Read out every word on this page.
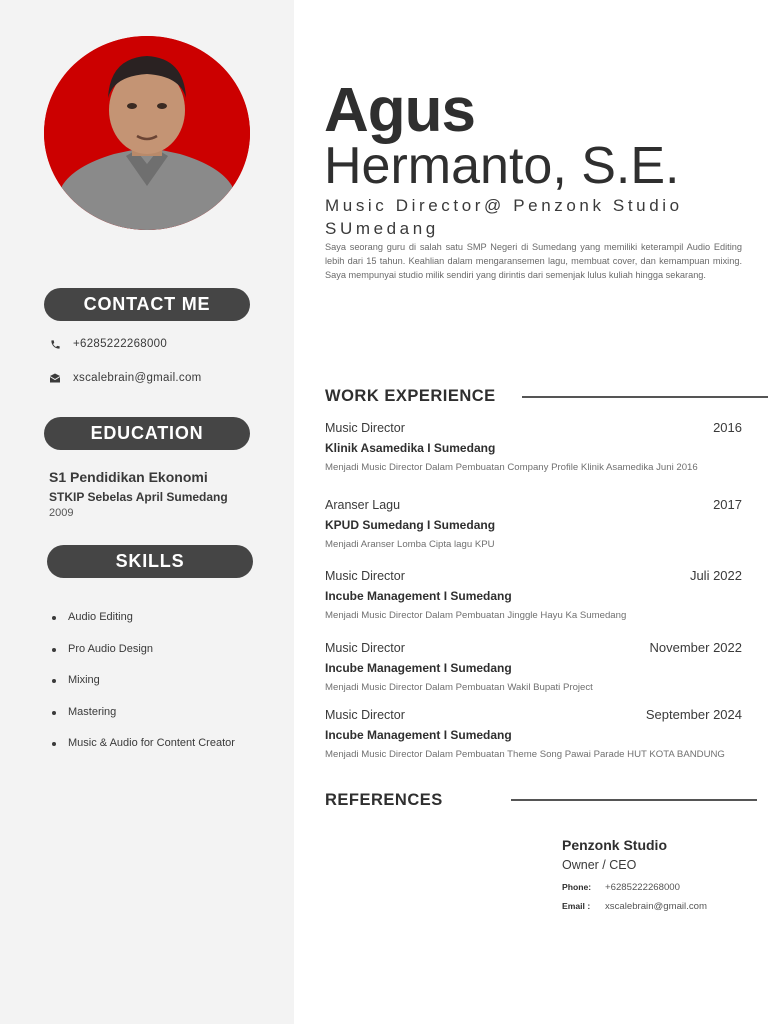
CONTACT ME
+6285222268000
xscalebrain@gmail.com
EDUCATION
S1 Pendidikan Ekonomi
STKIP Sebelas April Sumedang
2009
SKILLS
Audio Editing
Pro Audio Design
Mixing
Mastering
Music & Audio for Content Creator
Agus
Hermanto, S.E.
Music Director@ Penzonk Studio SUmedang
Saya seorang guru di salah satu SMP Negeri di Sumedang yang memiliki keterampil Audio Editing lebih dari 15 tahun. Keahlian dalam mengaransemen lagu, membuat cover, dan kemampuan mixing. Saya mempunyai studio milik sendiri yang dirintis dari semenjak lulus kuliah hingga sekarang.
WORK EXPERIENCE
Music Director	2016
Klinik Asamedika I Sumedang
Menjadi Music Director Dalam Pembuatan Company Profile Klinik Asamedika Juni 2016
Aranser Lagu	2017
KPUD Sumedang I Sumedang
Menjadi Aranser Lomba Cipta lagu KPU
Music Director	Juli 2022
Incube Management I Sumedang
Menjadi Music Director Dalam Pembuatan Jinggle Hayu Ka Sumedang
Music Director	November 2022
Incube Management I Sumedang
Menjadi Music Director Dalam Pembuatan Wakil Bupati Project
Music Director	September 2024
Incube Management I Sumedang
Menjadi Music Director Dalam Pembuatan Theme Song Pawai Parade HUT KOTA BANDUNG
REFERENCES
Penzonk Studio
Owner / CEO
Phone:	+6285222268000
Email :	xscalebrain@gmail.com
